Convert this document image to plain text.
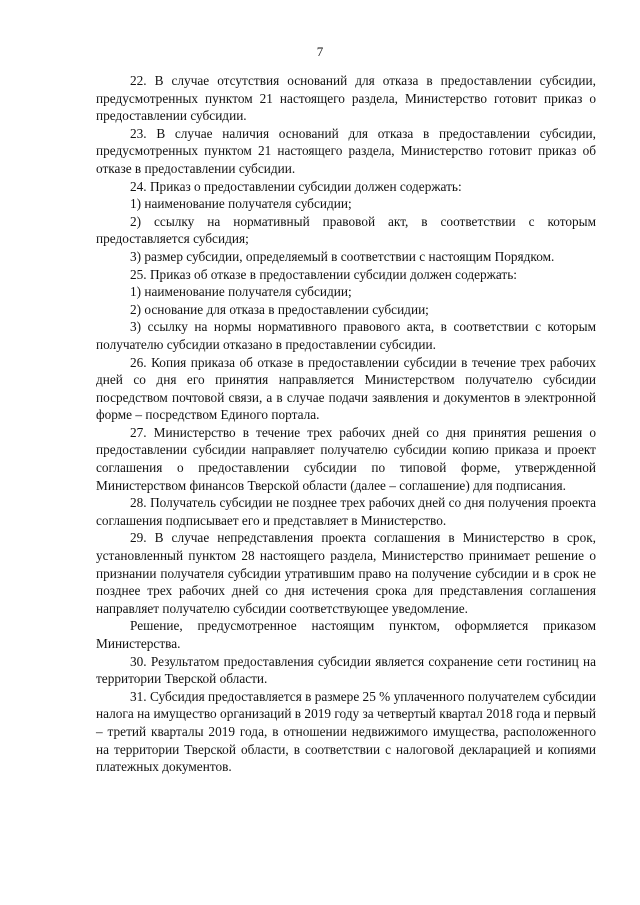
7

22. В случае отсутствия оснований для отказа в предоставлении субсидии, предусмотренных пунктом 21 настоящего раздела, Министерство готовит приказ о предоставлении субсидии.

23. В случае наличия оснований для отказа в предоставлении субсидии, предусмотренных пунктом 21 настоящего раздела, Министерство готовит приказ об отказе в предоставлении субсидии.

24. Приказ о предоставлении субсидии должен содержать:

1) наименование получателя субсидии;

2) ссылку на нормативный правовой акт, в соответствии с которым предоставляется субсидия;

3) размер субсидии, определяемый в соответствии с настоящим Порядком.

25. Приказ об отказе в предоставлении субсидии должен содержать:

1) наименование получателя субсидии;

2) основание для отказа в предоставлении субсидии;

3) ссылку на нормы нормативного правового акта, в соответствии с которым получателю субсидии отказано в предоставлении субсидии.

26. Копия приказа об отказе в предоставлении субсидии в течение трех рабочих дней со дня его принятия направляется Министерством получателю субсидии посредством почтовой связи, а в случае подачи заявления и документов в электронной форме – посредством Единого портала.

27. Министерство в течение трех рабочих дней со дня принятия решения о предоставлении субсидии направляет получателю субсидии копию приказа и проект соглашения о предоставлении субсидии по типовой форме, утвержденной Министерством финансов Тверской области (далее – соглашение) для подписания.

28. Получатель субсидии не позднее трех рабочих дней со дня получения проекта соглашения подписывает его и представляет в Министерство.

29. В случае непредставления проекта соглашения в Министерство в срок, установленный пунктом 28 настоящего раздела, Министерство принимает решение о признании получателя субсидии утратившим право на получение субсидии и в срок не позднее трех рабочих дней со дня истечения срока для представления соглашения направляет получателю субсидии соответствующее уведомление.

Решение, предусмотренное настоящим пунктом, оформляется приказом Министерства.

30. Результатом предоставления субсидии является сохранение сети гостиниц на территории Тверской области.

31. Субсидия предоставляется в размере 25 % уплаченного получателем субсидии налога на имущество организаций в 2019 году за четвертый квартал 2018 года и первый – третий кварталы 2019 года, в отношении недвижимого имущества, расположенного на территории Тверской области, в соответствии с налоговой декларацией и копиями платежных документов.
